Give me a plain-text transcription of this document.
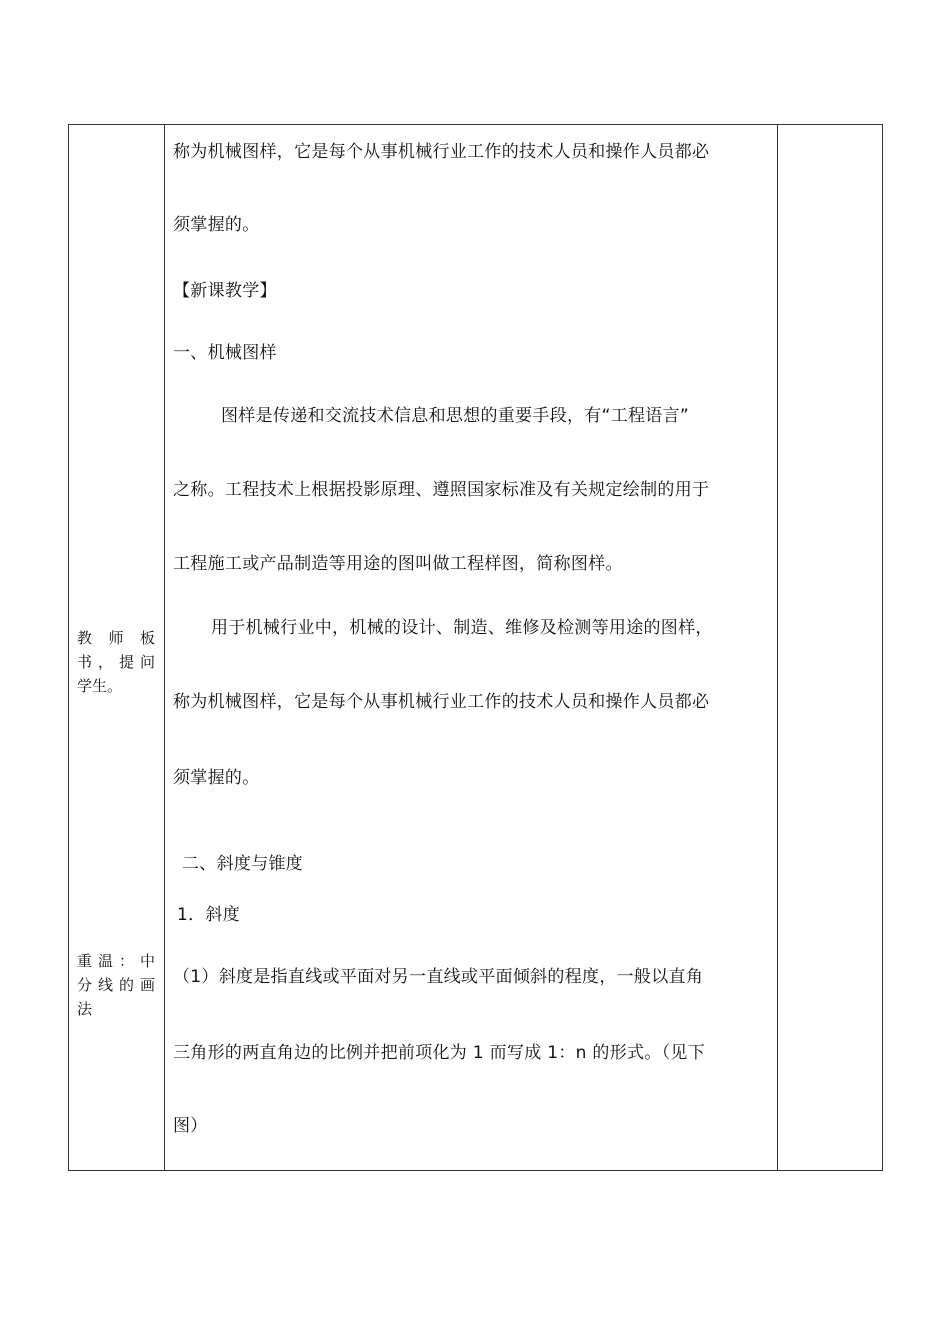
教 师 板
书 ， 提 问
学生。
重 温 ： 中
分 线 的 画
法
称为机械图样，它是每个从事机械行业工作的技术人员和操作人员都必
须掌握的。
【新课教学】
一、机械图样
图样是传递和交流技术信息和思想的重要手段，有“工程语言”
之称。工程技术上根据投影原理、遵照国家标准及有关规定绘制的用于
工程施工或产品制造等用途的图叫做工程样图，简称图样。
用于机械行业中，机械的设计、制造、维修及检测等用途的图样，
称为机械图样，它是每个从事机械行业工作的技术人员和操作人员都必
须掌握的。
二、斜度与锥度
1．斜度
（1）斜度是指直线或平面对另一直线或平面倾斜的程度，一般以直角
三角形的两直角边的比例并把前项化为 1 而写成 1：n 的形式。（见下
图）
